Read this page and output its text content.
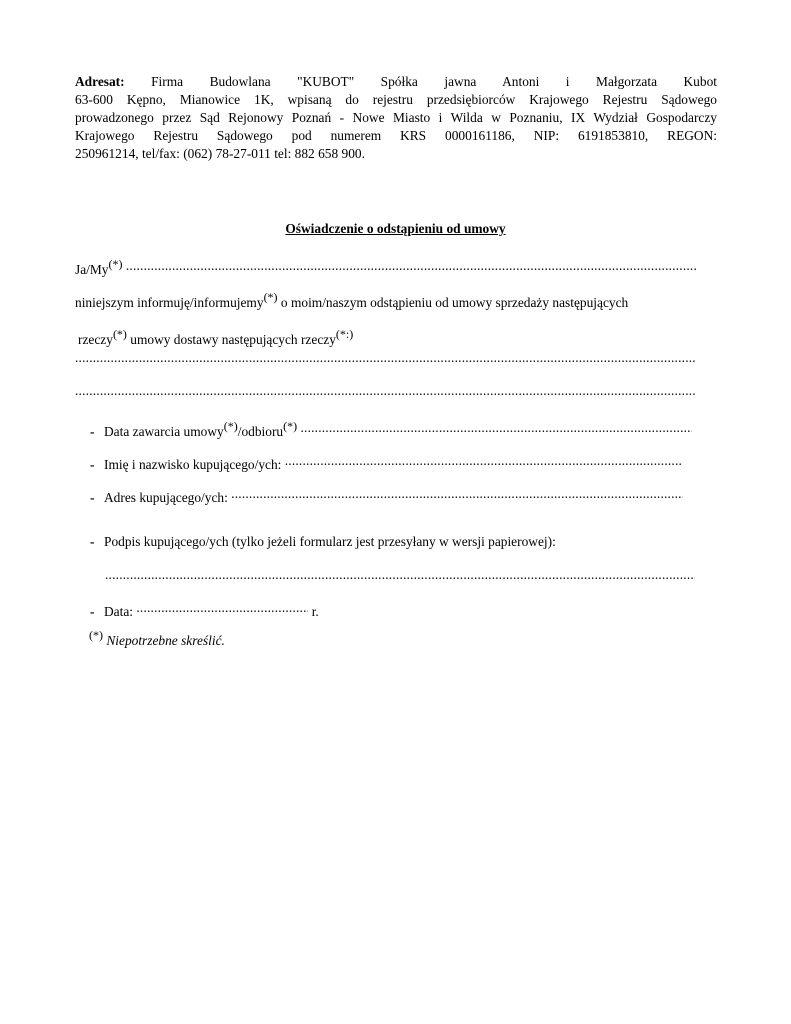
Adresat: Firma Budowlana "KUBOT" Spółka jawna Antoni i Małgorzata Kubot
63-600 Kępno, Mianowice 1K, wpisaną do rejestru przedsiębiorców Krajowego Rejestru Sądowego
prowadzonego przez Sąd Rejonowy Poznań - Nowe Miasto i Wilda w Poznaniu, IX Wydział Gospodarczy
Krajowego Rejestru Sądowego pod numerem KRS 0000161186, NIP: 6191853810, REGON:
250961214, tel/fax: (062) 78-27-011 tel: 882 658 900.
Oświadczenie o odstąpieniu od umowy
Ja/My(*) .....
niniejszym informuję/informujemy(*) o moim/naszym odstąpieniu od umowy sprzedaży następujących
rzeczy(*) umowy dostawy następujących rzeczy(*:)
.....
.....
- Data zawarcia umowy(*)/odbioru(*) .....
- Imię i nazwisko kupującego/ych: .....
- Adres kupującego/ych: .....
- Podpis kupującego/ych (tylko jeżeli formularz jest przesyłany w wersji papierowej):
.....
- Data: .....	r.
(*) Niepotrzebne skreślić.
